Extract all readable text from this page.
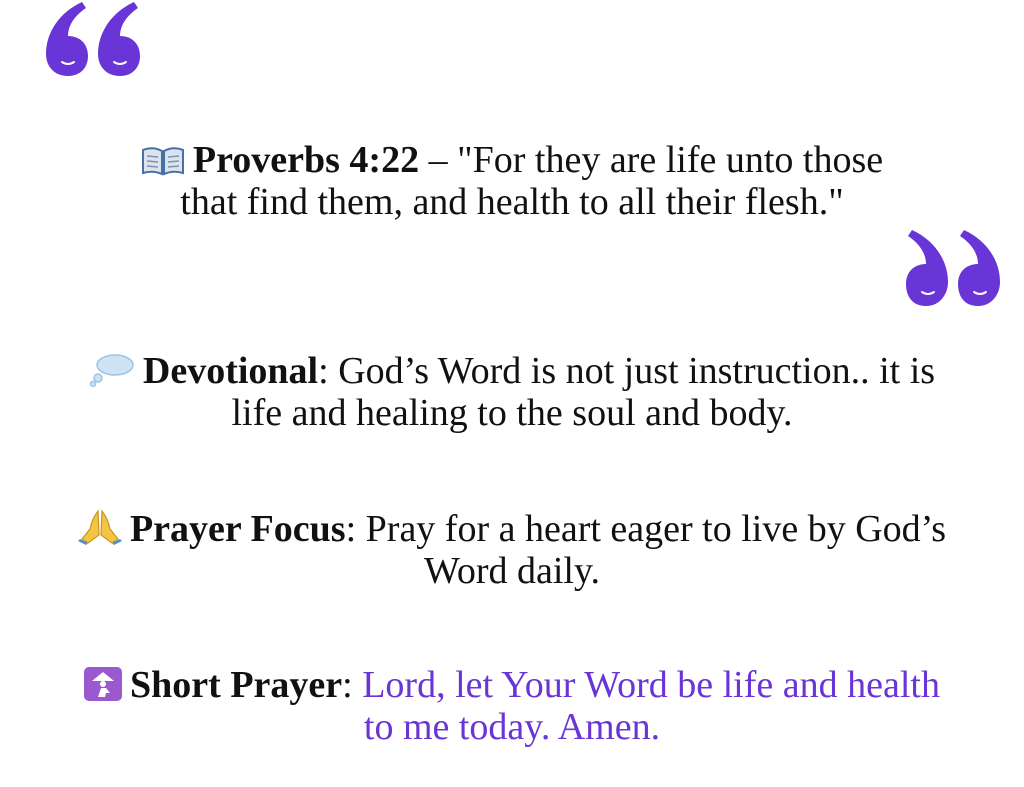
Proverbs 4:22 – "For they are life unto those
that find them, and health to all their flesh."
Devotional: God’s Word is not just instruction.. it is
life and healing to the soul and body.
Prayer Focus: Pray for a heart eager to live by God’s
Word daily.
Short Prayer: Lord, let Your Word be life and health
to me today. Amen.
